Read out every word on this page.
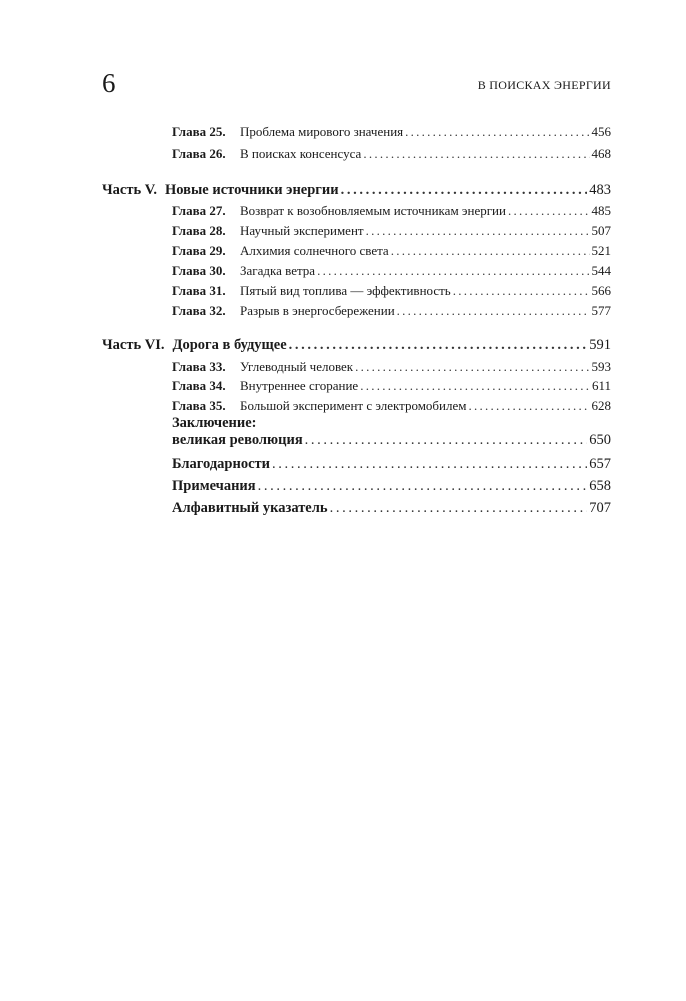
6	В ПОИСКАХ ЭНЕРГИИ
Глава 25.	Проблема мирового значения . . .	456
Глава 26.	В поисках консенсуса . . .	468
Часть V. Новые источники энергии . . .	483
Глава 27.	Возврат к возобновляемым источникам энергии . . .	485
Глава 28.	Научный эксперимент . . .	507
Глава 29.	Алхимия солнечного света . . .	521
Глава 30.	Загадка ветра . . .	544
Глава 31.	Пятый вид топлива — эффективность . . .	566
Глава 32.	Разрыв в энергосбережении . . .	577
Часть VI. Дорога в будущее . . .	591
Глава 33.	Углеводный человек . . .	593
Глава 34.	Внутреннее сгорание . . .	611
Глава 35.	Большой эксперимент с электромобилем . . .	628
Заключение:
великая революция . . .	650
Благодарности . . .	657
Примечания . . .	658
Алфавитный указатель . . .	707
